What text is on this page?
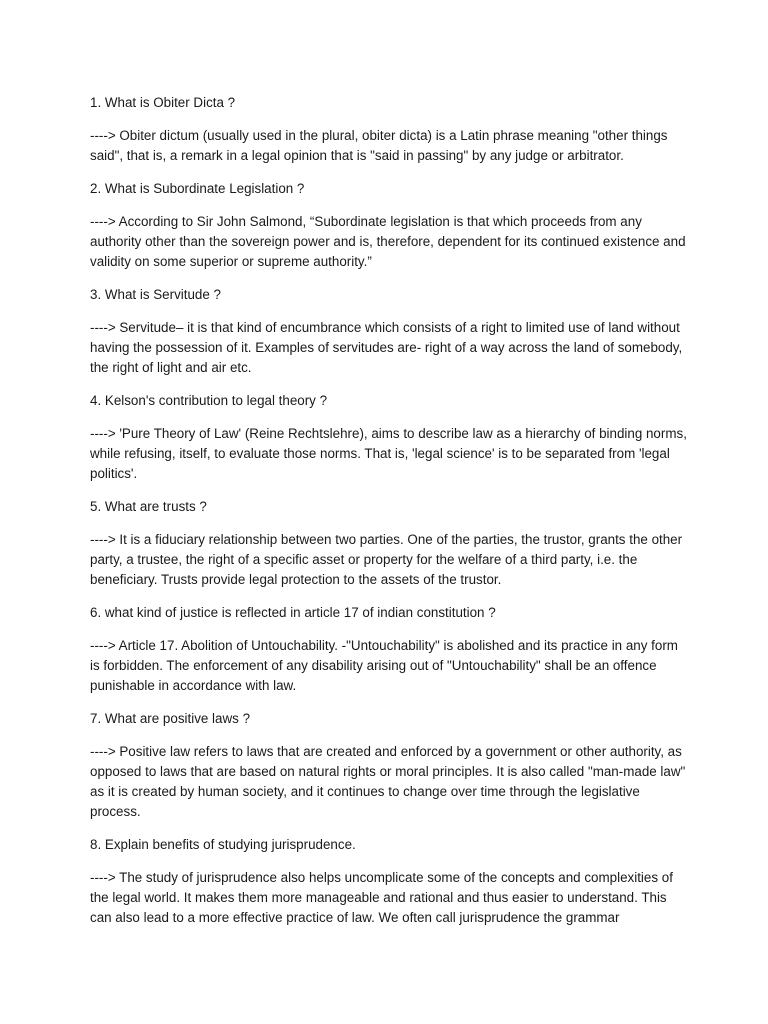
1. What is Obiter Dicta ?

----> Obiter dictum (usually used in the plural, obiter dicta) is a Latin phrase meaning "other things said", that is, a remark in a legal opinion that is "said in passing" by any judge or arbitrator.

2. What is Subordinate Legislation ?

----> According to Sir John Salmond, “Subordinate legislation is that which proceeds from any authority other than the sovereign power and is, therefore, dependent for its continued existence and validity on some superior or supreme authority.”

3. What is Servitude ?

----> Servitude– it is that kind of encumbrance which consists of a right to limited use of land without having the possession of it. Examples of servitudes are- right of a way across the land of somebody, the right of light and air etc.

4. Kelson's contribution to legal theory ?

----> 'Pure Theory of Law' (Reine Rechtslehre), aims to describe law as a hierarchy of binding norms, while refusing, itself, to evaluate those norms. That is, 'legal science' is to be separated from 'legal politics'.

5. What are trusts ?

----> It is a fiduciary relationship between two parties. One of the parties, the trustor, grants the other party, a trustee, the right of a specific asset or property for the welfare of a third party, i.e. the beneficiary. Trusts provide legal protection to the assets of the trustor.

6. what kind of justice is reflected in article 17 of indian constitution ?

----> Article 17. Abolition of Untouchability. -"Untouchability" is abolished and its practice in any form is forbidden. The enforcement of any disability arising out of "Untouchability" shall be an offence punishable in accordance with law.

7. What are positive laws ?

----> Positive law refers to laws that are created and enforced by a government or other authority, as opposed to laws that are based on natural rights or moral principles. It is also called "man-made law" as it is created by human society, and it continues to change over time through the legislative process.

8. Explain benefits of studying jurisprudence.

----> The study of jurisprudence also helps uncomplicate some of the concepts and complexities of the legal world. It makes them more manageable and rational and thus easier to understand. This can also lead to a more effective practice of law. We often call jurisprudence the grammar
